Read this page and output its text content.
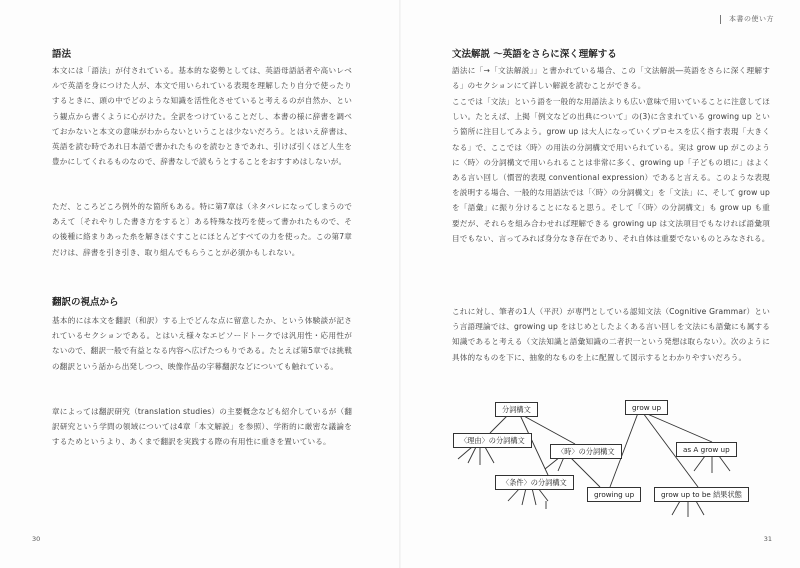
語法
本文には「語法」が付されている。基本的な姿勢としては、英語母語話者や高いレベルで英語を身につけた人が、本文で用いられている表現を理解したり自分で使ったりするときに、頭の中でどのような知識を活性化させていると考えるのが自然か、という観点から書くように心がけた。全訳をつけていることだし、本書の様に辞書を調べておかないと本文の意味がわからないということは少ないだろう。とはいえ辞書は、英語を読む時であれ日本語で書かれたものを読むときであれ、引けば引くほど人生を豊かにしてくれるものなので、辞書なしで読もうとすることをおすすめはしないが。
ただ、ところどころ例外的な箇所もある。特に第7章は（ネタバレになってしまうのであえて〔それやりした書き方をすると〕ある特殊な技巧を使って書かれたもので、その後種に絡まりあった糸を解きほぐすことにほとんどすべての力を使った。この第7章だけは、辞書を引き引き、取り組んでもらうことが必須かもしれない。
翻訳の視点から
基本的には本文を翻訳（和訳）する上でどんな点に留意したか、という体験談が記されているセクションである。とはいえ様々なエピソードトークでは汎用性・応用性がないので、翻訳一般で有益となる内容へ広げたつもりである。たとえば第5章では挑戦の翻訳という話から出発しつつ、映像作品の字幕翻訳などについても触れている。
章によっては翻訳研究（translation studies）の主要概念なども紹介しているが（翻訳研究という学問の領域については4章「本文解説」を参照）、学術的に厳密な議論をするためというより、あくまで翻訳を実践する際の有用性に重きを置いている。
30
本書の使い方
文法解説 〜英語をさらに深く理解する
語法に「→「文法解説」」と書かれている場合、この「文法解説―英語をさらに深く理解する」のセクションにて詳しい解説を読むことができる。
ここでは「文法」という語を一般的な用語法よりも広い意味で用いていることに注意してほしい。たとえば、上掲「例文などの出典について」の(3)に含まれている growing up という箇所に注目してみよう。grow up は大人になっていくプロセスを広く指す表現「大きくなる」で、ここでは〈時〉の用法の分詞構文で用いられている。実は grow up がこのように〈時〉の分詞構文で用いられることは非常に多く、growing up「子どもの頃に」はよくある言い回し（慣習的表現 conventional expression）であると言える。このような表現を説明する場合、一般的な用語法では「〈時〉の分詞構文」を「文法」に、そして grow up を「語彙」に振り分けることになると思う。そして「〈時〉の分詞構文」も grow up も重要だが、それらを組み合わせれば理解できる growing up は文法項目でもなければ語彙項目でもない、言ってみれば身分なき存在であり、それ自体は重要でないものとみなされる。
これに対し、筆者の1人（平沢）が専門としている認知文法（Cognitive Grammar）という言語理論では、growing up をはじめとしたよくある言い回しを文法にも語彙にも属する知識であると考える（文法知識と語彙知識の二者択一という発想は取らない）。次のように具体的なものを下に、抽象的なものを上に配置して図示するとわかりやすいだろう。
31
分詞構文
〈理由〉の分詞構文
〈時〉の分詞構文
〈条件〉の分詞構文
grow up
as A grow up
growing up	grow up to be 結果状態
